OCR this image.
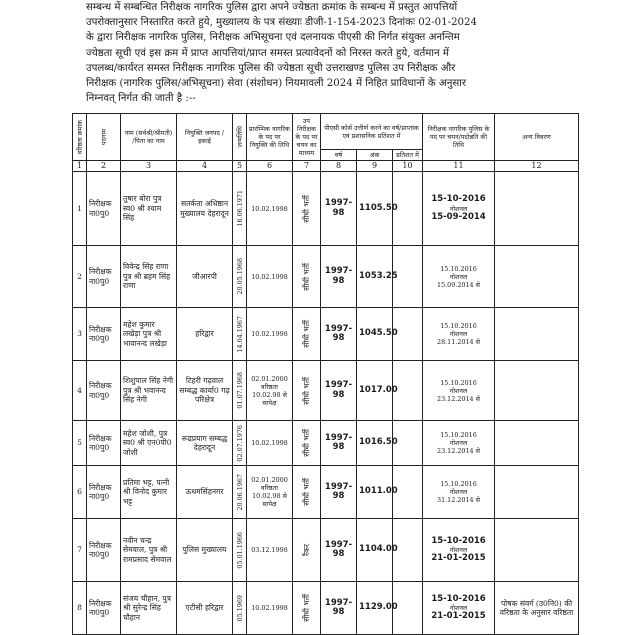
सम्बन्ध में सम्बन्धित निरीक्षक नागरिक पुलिस द्वारा अपने ज्येष्ठता क्रमांक के सम्बन्ध में प्रस्तुत आपत्तियों
उपरोक्तानुसार निस्तारित करते हुये, मुख्यालय के पत्र संख्याः डीजी-1-154-2023 दिनांकः 02-01-2024
के द्वारा निरीक्षक नागरिक पुलिस, निरीक्षक अभिसूचना एवं दलनायक पीएसी की निर्गत संयुक्त अनन्तिम
ज्येष्ठता सूची एवं इस क्रम में प्राप्त आपत्तियां/प्राप्त समस्त प्रत्यावेदनों को निरस्त करते हुये, वर्तमान में
उपलब्ध/कार्यरत समस्त निरीक्षक नागरिक पुलिस की ज्येष्ठता सूची उत्तराखण्ड पुलिस उप निरीक्षक और
निरीक्षक (नागरिक पुलिस/अभिसूचना) सेवा (संशोधन) नियमावली 2024 में निहित प्राविधानों के अनुसार
निम्नवत् निर्गत की जाती है :--
वरिष्ठता क्रमांक	पदनाम	नाम (सर्वश्री/श्रीमती) /पिता का नाम	नियुक्ति जनपद /इकाई	जन्मतिथि	प्रारम्भिक नागरिक के पद पर नियुक्ति की तिथि	उप निरीक्षक के पद पर चयन का माध्यम	पीएसी कोर्स उत्तीर्ण करने का वर्ष/प्राप्तांक एवं प्रशासनिक प्रतिशत में			निरीक्षक नागरिक पुलिस के पद पर चयन/पदोन्नति की तिथि	अन्य विवरण
							वर्ष	अंक	प्रतिशत में		
1	2	3	4	5	6	7	8	9	10	11	12
1	निरीक्षक ना0पु0	तुषार बोरा पुत्र स्व0 श्री श्याम सिंह	सतर्कता अधिष्ठान मुख्यालय देहरादून	16.06.1971	10.02.1998	सीधी भर्ती	1997-98	1105.50		15-10-2016
नोशनल
15-09-2014	

2	निरीक्षक ना0पु0	विवेन्द्र सिंह राणा पुत्र श्री ब्रहम सिंह राणा	जीआरपी	20.05.1968	10.02.1998	सीधी भर्ती	1997-98	1053.25		15.10.2016
नोशनल
15.09.2014 से	

3	निरीक्षक ना0पु0	महेश कुमार लखेड़ा पुत्र श्री भावानन्द लखेड़ा	हरिद्वार	14.04.1967	10.02.1998	सीधी भर्ती	1997-98	1045.50		15.10.2016
नोशनल
28.11.2014 से	

4	निरीक्षक ना0पु0	शिशुपाल सिंह नेगी पुत्र श्री भवानन्द सिंह नेगी	टिहरी गढ़वाल सम्बद्ध कार्या0 गढ़ परिक्षेत्र	01.07.1968	02.01.2000 वरिष्ठता 10.02.98 से सापेक्ष	सीधी भर्ती	1997-98	1017.00		15.10.2016
नोशनल
23.12.2014 से	

5	निरीक्षक ना0पु0	महेश जोशी, पुत्र स्व0 श्री एन0पी0 जोशी	रूद्रप्रयाग सम्बद्ध देहरादून	02.07.1976	10.02.1998	सीधी भर्ती	1997-98	1016.50		15.10.2016
नोशनल
23.12.2014 से	

6	निरीक्षक ना0पु0	प्रतिमा भट्ट, पत्नी श्री विनोद कुमार भट्ट	ऊधमसिंहनगर	20.06.1967	02.01.2000 वरिष्ठता 10.02.98 से सापेक्ष	सीधी भर्ती	1997-98	1011.00		15.10.2016
नोशनल
31.12.2014 से	

7	निरीक्षक ना0पु0	नवीन चन्द्र सेमवाल, पुत्र श्री रामप्रसाद सेमवाल	पुलिस मुख्यालय	05.01.1966	03.12.1998	रैंकर	1997-98	1104.00		15-10-2016
नोशनल
21-01-2015	

8	निरीक्षक ना0पु0	संजय चौहान, पुत्र श्री सुरेन्द्र सिंह चौहान	एटीसी हरिद्वार	05.1969	10.02.1998	सीधी भर्ती	1997-98	1129.00		15-10-2016
नोशनल
21-01-2015	पोषक संवर्ग (उ0नि0) की वरिष्ठता के अनुसार वरिष्ठता
